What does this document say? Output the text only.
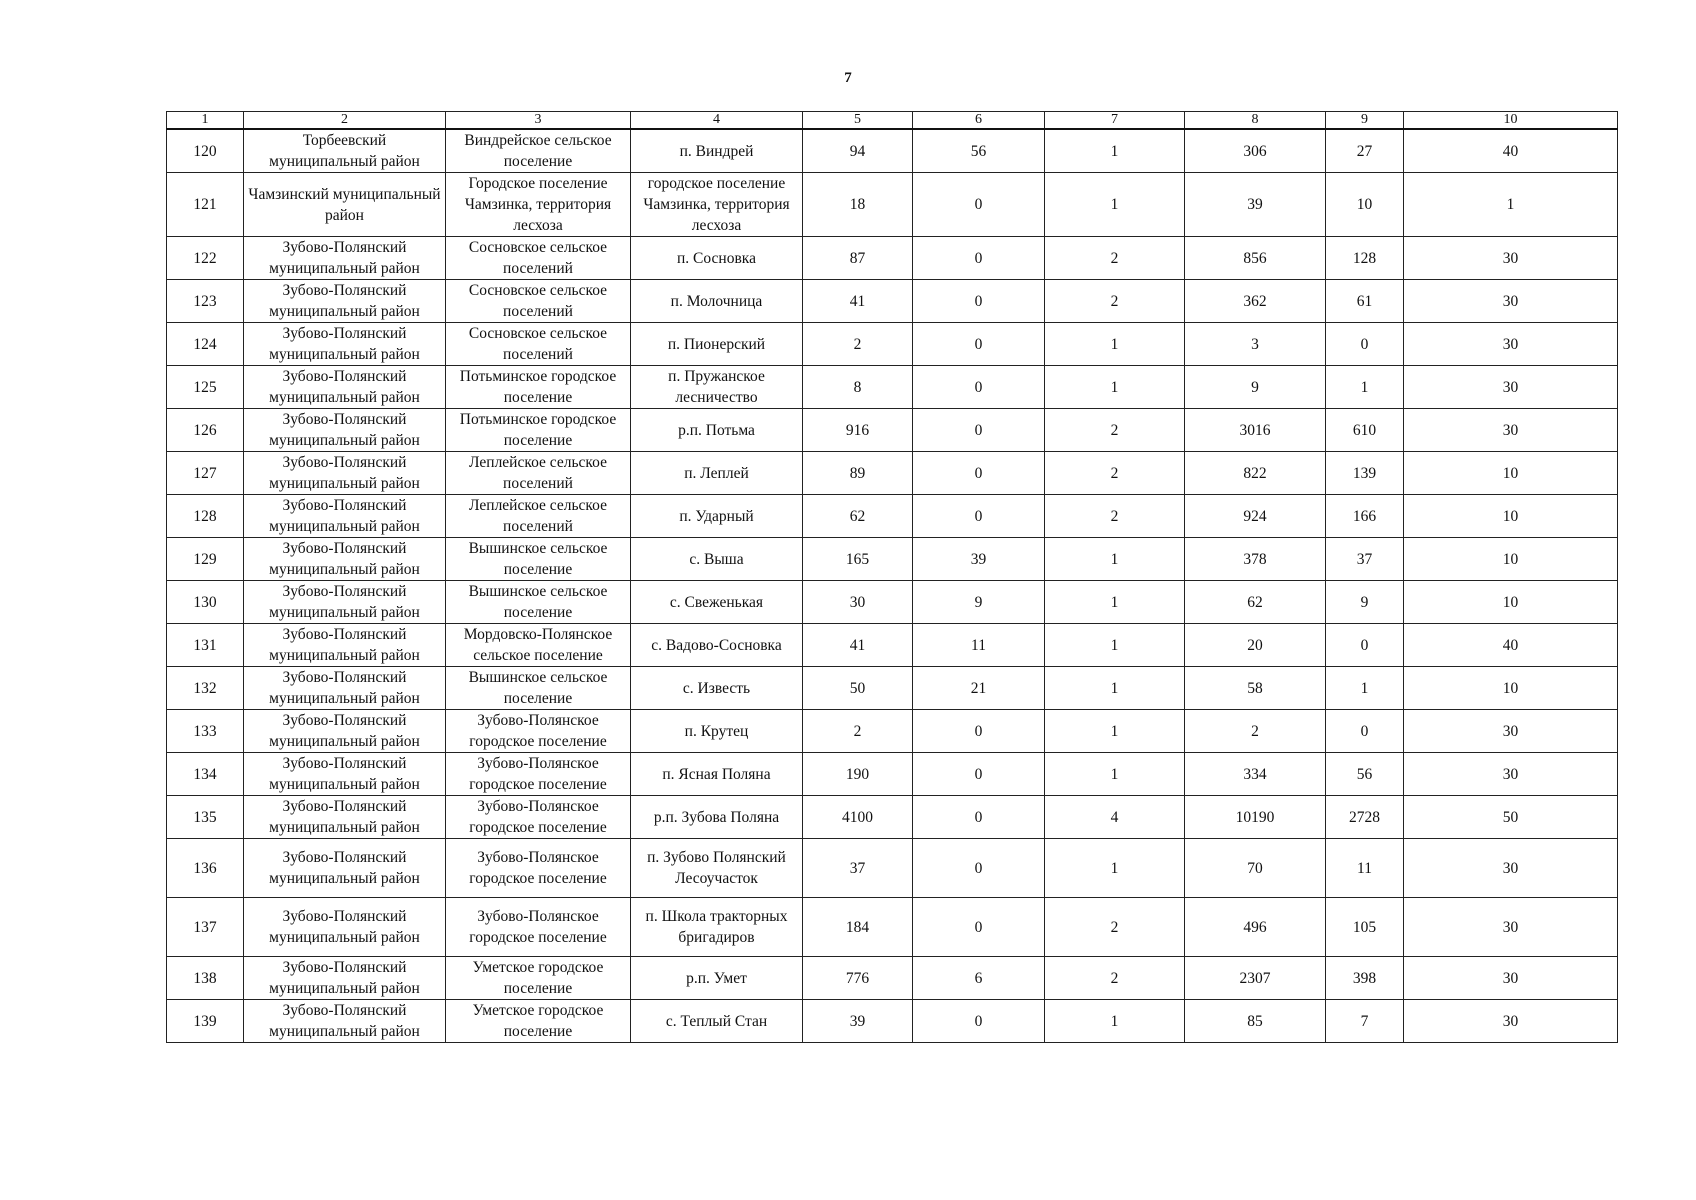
7
1	2	3	4	5	6	7	8	9	10
120	Торбеевский муниципальный район	Виндрейское сельское поселение	п. Виндрей	94	56	1	306	27	40
121	Чамзинский муниципальный район	Городское поселение Чамзинка, территория лесхоза	городское поселение Чамзинка, территория лесхоза	18	0	1	39	10	1
122	Зубово-Полянский муниципальный район	Сосновское сельское поселений	п. Сосновка	87	0	2	856	128	30
123	Зубово-Полянский муниципальный район	Сосновское сельское поселений	п. Молочница	41	0	2	362	61	30
124	Зубово-Полянский муниципальный район	Сосновское сельское поселений	п. Пионерский	2	0	1	3	0	30
125	Зубово-Полянский муниципальный район	Потьминское городское поселение	п. Пружанское лесничество	8	0	1	9	1	30
126	Зубово-Полянский муниципальный район	Потьминское городское поселение	р.п. Потьма	916	0	2	3016	610	30
127	Зубово-Полянский муниципальный район	Леплейское сельское поселений	п. Леплей	89	0	2	822	139	10
128	Зубово-Полянский муниципальный район	Леплейское сельское поселений	п. Ударный	62	0	2	924	166	10
129	Зубово-Полянский муниципальный район	Вышинское сельское поселение	с. Выша	165	39	1	378	37	10
130	Зубово-Полянский муниципальный район	Вышинское сельское поселение	с. Свеженькая	30	9	1	62	9	10
131	Зубово-Полянский муниципальный район	Мордовско-Полянское сельское поселение	с. Вадово-Сосновка	41	11	1	20	0	40
132	Зубово-Полянский муниципальный район	Вышинское сельское поселение	с. Известь	50	21	1	58	1	10
133	Зубово-Полянский муниципальный район	Зубово-Полянское городское поселение	п. Крутец	2	0	1	2	0	30
134	Зубово-Полянский муниципальный район	Зубово-Полянское городское поселение	п. Ясная Поляна	190	0	1	334	56	30
135	Зубово-Полянский муниципальный район	Зубово-Полянское городское поселение	р.п. Зубова Поляна	4100	0	4	10190	2728	50
136	Зубово-Полянский муниципальный район	Зубово-Полянское городское поселение	п. Зубово Полянский Лесоучасток	37	0	1	70	11	30
137	Зубово-Полянский муниципальный район	Зубово-Полянское городское поселение	п. Школа тракторных бригадиров	184	0	2	496	105	30
138	Зубово-Полянский муниципальный район	Уметское городское поселение	р.п. Умет	776	6	2	2307	398	30
139	Зубово-Полянский муниципальный район	Уметское городское поселение	с. Теплый Стан	39	0	1	85	7	30
